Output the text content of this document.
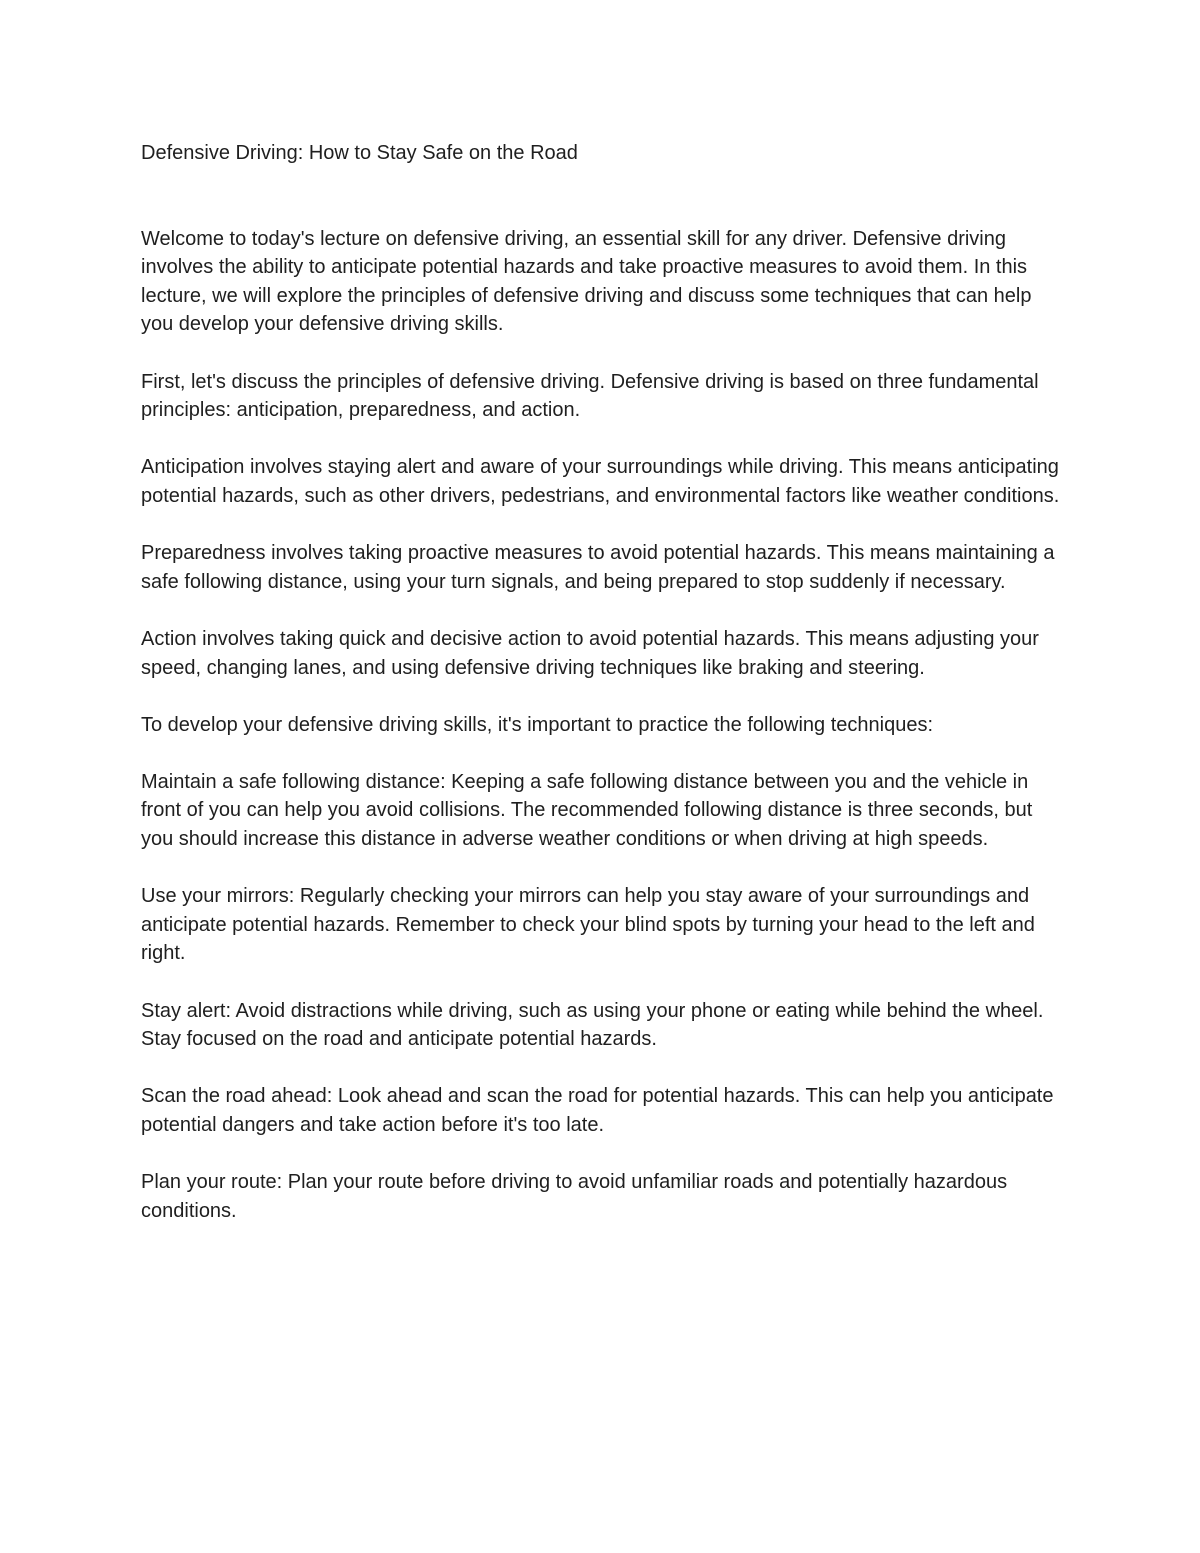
Defensive Driving: How to Stay Safe on the Road

Welcome to today's lecture on defensive driving, an essential skill for any driver. Defensive driving involves the ability to anticipate potential hazards and take proactive measures to avoid them. In this lecture, we will explore the principles of defensive driving and discuss some techniques that can help you develop your defensive driving skills.

First, let's discuss the principles of defensive driving. Defensive driving is based on three fundamental principles: anticipation, preparedness, and action.

Anticipation involves staying alert and aware of your surroundings while driving. This means anticipating potential hazards, such as other drivers, pedestrians, and environmental factors like weather conditions.

Preparedness involves taking proactive measures to avoid potential hazards. This means maintaining a safe following distance, using your turn signals, and being prepared to stop suddenly if necessary.

Action involves taking quick and decisive action to avoid potential hazards. This means adjusting your speed, changing lanes, and using defensive driving techniques like braking and steering.

To develop your defensive driving skills, it's important to practice the following techniques:

Maintain a safe following distance: Keeping a safe following distance between you and the vehicle in front of you can help you avoid collisions. The recommended following distance is three seconds, but you should increase this distance in adverse weather conditions or when driving at high speeds.

Use your mirrors: Regularly checking your mirrors can help you stay aware of your surroundings and anticipate potential hazards. Remember to check your blind spots by turning your head to the left and right.

Stay alert: Avoid distractions while driving, such as using your phone or eating while behind the wheel. Stay focused on the road and anticipate potential hazards.

Scan the road ahead: Look ahead and scan the road for potential hazards. This can help you anticipate potential dangers and take action before it's too late.

Plan your route: Plan your route before driving to avoid unfamiliar roads and potentially hazardous conditions.
